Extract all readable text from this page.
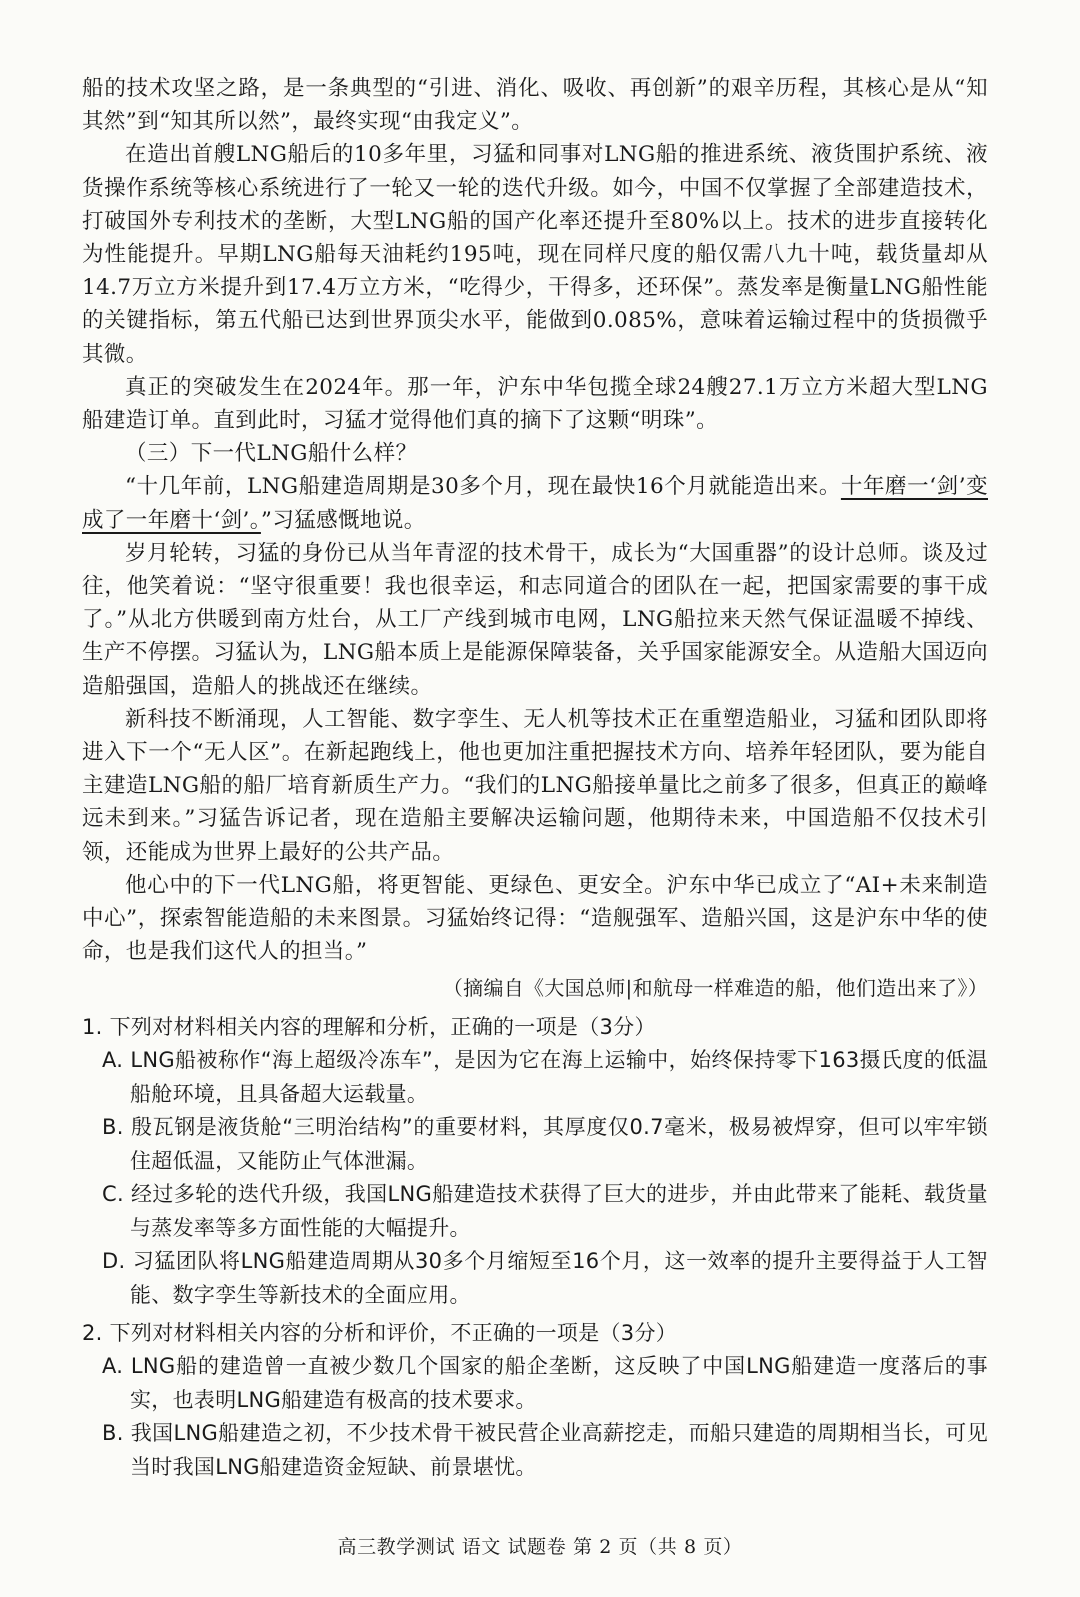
船的技术攻坚之路，是一条典型的“引进、消化、吸收、再创新”的艰辛历程，其核心是从“知其然”到“知其所以然”，最终实现“由我定义”。

在造出首艘LNG船后的10多年里，习猛和同事对LNG船的推进系统、液货围护系统、液货操作系统等核心系统进行了一轮又一轮的迭代升级。如今，中国不仅掌握了全部建造技术，打破国外专利技术的垄断，大型LNG船的国产化率还提升至80%以上。技术的进步直接转化为性能提升。早期LNG船每天油耗约195吨，现在同样尺度的船仅需八九十吨，载货量却从14.7万立方米提升到17.4万立方米，“吃得少，干得多，还环保”。蒸发率是衡量LNG船性能的关键指标，第五代船已达到世界顶尖水平，能做到0.085%，意味着运输过程中的货损微乎其微。

真正的突破发生在2024年。那一年，沪东中华包揽全球24艘27.1万立方米超大型LNG船建造订单。直到此时，习猛才觉得他们真的摘下了这颗“明珠”。

（三）下一代LNG船什么样？

“十几年前，LNG船建造周期是30多个月，现在最快16个月就能造出来。十年磨一‘剑’变成了一年磨十‘剑’。”习猛感慨地说。

岁月轮转，习猛的身份已从当年青涩的技术骨干，成长为“大国重器”的设计总师。谈及过往，他笑着说：“坚守很重要！我也很幸运，和志同道合的团队在一起，把国家需要的事干成了。”从北方供暖到南方灶台，从工厂产线到城市电网，LNG船拉来天然气保证温暖不掉线、生产不停摆。习猛认为，LNG船本质上是能源保障装备，关乎国家能源安全。从造船大国迈向造船强国，造船人的挑战还在继续。

新科技不断涌现，人工智能、数字孪生、无人机等技术正在重塑造船业，习猛和团队即将进入下一个“无人区”。在新起跑线上，他也更加注重把握技术方向、培养年轻团队，要为能自主建造LNG船的船厂培育新质生产力。“我们的LNG船接单量比之前多了很多，但真正的巅峰远未到来。”习猛告诉记者，现在造船主要解决运输问题，他期待未来，中国造船不仅技术引领，还能成为世界上最好的公共产品。

他心中的下一代LNG船，将更智能、更绿色、更安全。沪东中华已成立了“AI+未来制造中心”，探索智能造船的未来图景。习猛始终记得：“造舰强军、造船兴国，这是沪东中华的使命，也是我们这代人的担当。”

（摘编自《大国总师|和航母一样难造的船，他们造出来了》）

1. 下列对材料相关内容的理解和分析，正确的一项是（3分）

A. LNG船被称作“海上超级冷冻车”，是因为它在海上运输中，始终保持零下163摄氏度的低温船舱环境，且具备超大运载量。

B. 殷瓦钢是液货舱“三明治结构”的重要材料，其厚度仅0.7毫米，极易被焊穿，但可以牢牢锁住超低温，又能防止气体泄漏。

C. 经过多轮的迭代升级，我国LNG船建造技术获得了巨大的进步，并由此带来了能耗、载货量与蒸发率等多方面性能的大幅提升。

D. 习猛团队将LNG船建造周期从30多个月缩短至16个月，这一效率的提升主要得益于人工智能、数字孪生等新技术的全面应用。

2. 下列对材料相关内容的分析和评价，不正确的一项是（3分）

A. LNG船的建造曾一直被少数几个国家的船企垄断，这反映了中国LNG船建造一度落后的事实，也表明LNG船建造有极高的技术要求。

B. 我国LNG船建造之初，不少技术骨干被民营企业高薪挖走，而船只建造的周期相当长，可见当时我国LNG船建造资金短缺、前景堪忧。

高三教学测试 语文 试题卷 第 2 页（共 8 页）
